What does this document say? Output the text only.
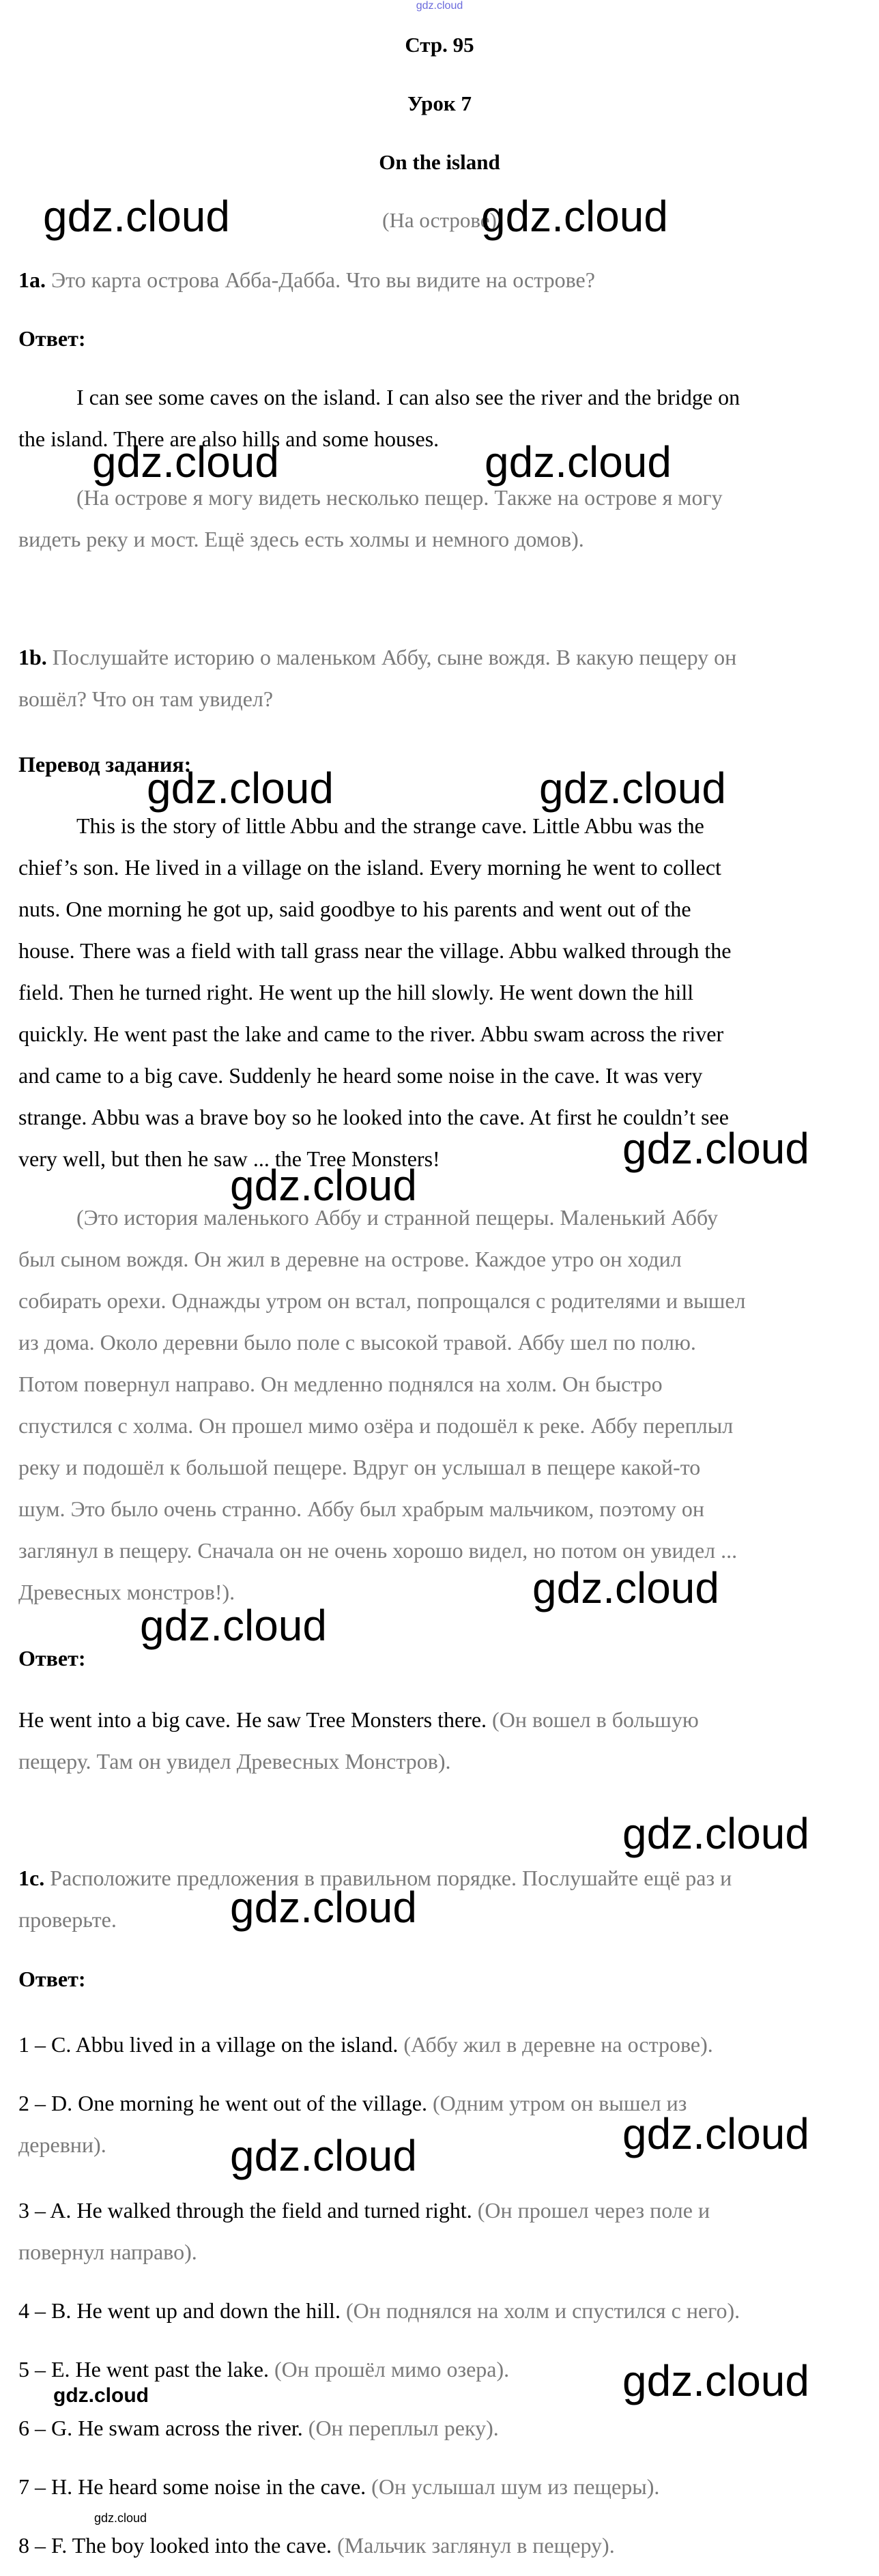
gdz.cloud
Стр. 95
Урок 7
On the island
(На острове)
1a. Это карта острова Абба-Дабба. Что вы видите на острове?
Ответ:
I can see some caves on the island. I can also see the river and the bridge on
the island. There are also hills and some houses.
(На острове я могу видеть несколько пещер. Также на острове я могу
видеть реку и мост. Ещё здесь есть холмы и немного домов).
1b. Послушайте историю о маленьком Аббу, сыне вождя. В какую пещеру он
вошёл? Что он там увидел?
Перевод задания:
This is the story of little Abbu and the strange cave. Little Abbu was the
chief’s son. He lived in a village on the island. Every morning he went to collect
nuts. One morning he got up, said goodbye to his parents and went out of the
house. There was a field with tall grass near the village. Abbu walked through the
field. Then he turned right. He went up the hill slowly. He went down the hill
quickly. He went past the lake and came to the river. Abbu swam across the river
and came to a big cave. Suddenly he heard some noise in the cave. It was very
strange. Abbu was a brave boy so he looked into the cave. At first he couldn’t see
very well, but then he saw ... the Tree Monsters!
(Это история маленького Аббу и странной пещеры. Маленький Аббу
был сыном вождя. Он жил в деревне на острове. Каждое утро он ходил
собирать орехи. Однажды утром он встал, попрощался с родителями и вышел
из дома. Около деревни было поле с высокой травой. Аббу шел по полю.
Потом повернул направо. Он медленно поднялся на холм. Он быстро
спустился с холма. Он прошел мимо озёра и подошёл к реке. Аббу переплыл
реку и подошёл к большой пещере. Вдруг он услышал в пещере какой-то
шум. Это было очень странно. Аббу был храбрым мальчиком, поэтому он
заглянул в пещеру. Сначала он не очень хорошо видел, но потом он увидел ...
Древесных монстров!).
Ответ:
He went into a big cave. He saw Tree Monsters there. (Он вошел в большую
пещеру. Там он увидел Древесных Монстров).
1c. Расположите предложения в правильном порядке. Послушайте ещё раз и
проверьте.
Ответ:
1 – C. Abbu lived in a village on the island. (Аббу жил в деревне на острове).
2 – D. One morning he went out of the village. (Одним утром он вышел из
деревни).
3 – A. He walked through the field and turned right. (Он прошел через поле и
повернул направо).
4 – B. He went up and down the hill. (Он поднялся на холм и спустился с него).
5 – E. He went past the lake. (Он прошёл мимо озера).
6 – G. He swam across the river. (Он переплыл реку).
7 – H. He heard some noise in the cave. (Он услышал шум из пещеры).
8 – F. The boy looked into the cave. (Мальчик заглянул в пещеру).
gdz.cloud	gdz.cloud
gdz.cloud	gdz.cloud
gdz.cloud	gdz.cloud
gdz.cloud
gdz.cloud
gdz.cloud
gdz.cloud
gdz.cloud
gdz.cloud
gdz.cloud	gdz.cloud
gdz.cloud
gdz.cloud
gdz.cloud
